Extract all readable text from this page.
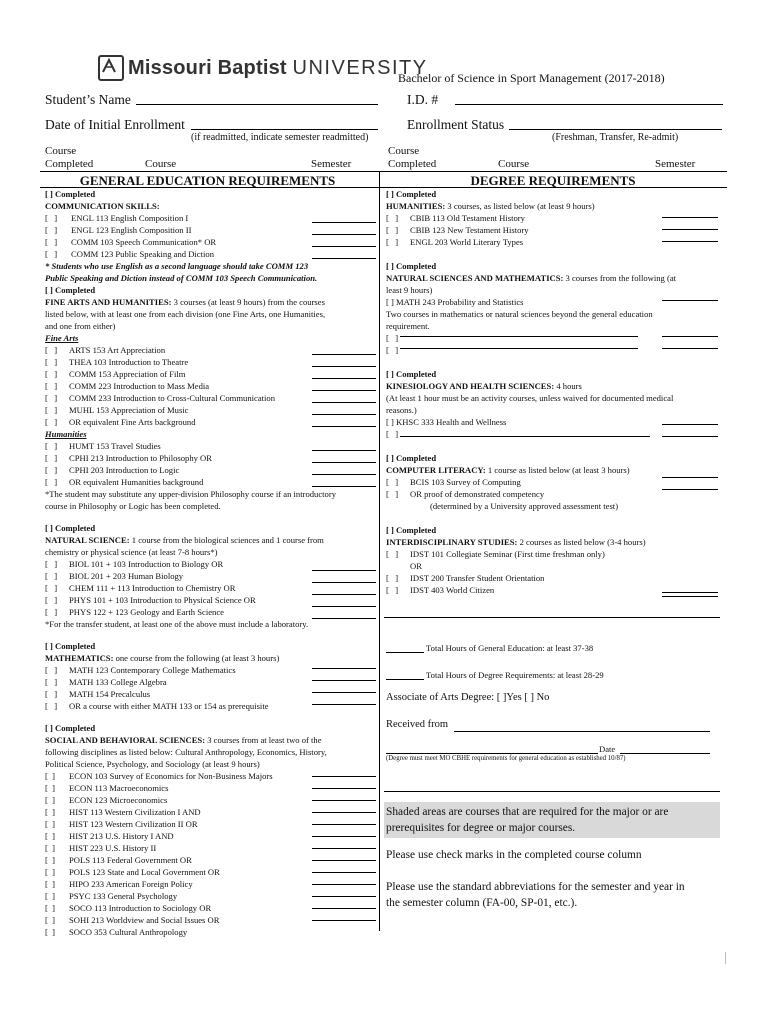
Missouri Baptist UNIVERSITY
Bachelor of Science in Sport Management (2017-2018)
Student’s Name	I.D. #
Date of Initial Enrollment	Enrollment Status
(if readmitted, indicate semester readmitted)	(Freshman, Transfer, Re-admit)
Course
Completed	Course	Semester
Course
Completed	Course	Semester
GENERAL EDUCATION REQUIREMENTS	DEGREE REQUIREMENTS
[ ] Completed
COMMUNICATION SKILLS:
[   ] ENGL 113 English Composition I
[   ] ENGL 123 English Composition II
[   ] COMM 103 Speech Communication* OR
[   ] COMM 123 Public Speaking and Diction
* Students who use English as a second language should take COMM 123
Public Speaking and Diction instead of COMM 103 Speech Communication.
[ ] Completed
FINE ARTS AND HUMANITIES: 3 courses (at least 9 hours) from the courses
listed below, with at least one from each division (one Fine Arts, one Humanities,
and one from either)
Fine Arts
[   ] ARTS 153 Art Appreciation
[   ] THEA 103 Introduction to Theatre
[   ] COMM 153 Appreciation of Film
[   ] COMM 223 Introduction to Mass Media
[   ] COMM 233 Introduction to Cross-Cultural Communication
[   ] MUHL 153 Appreciation of Music
[   ] OR equivalent Fine Arts background
Humanities
[   ] HUMT 153 Travel Studies
[   ] CPHI 213 Introduction to Philosophy OR
[   ] CPHI 203 Introduction to Logic
[   ] OR equivalent Humanities background
*The student may substitute any upper-division Philosophy course if an introductory
course in Philosophy or Logic has been completed.
[ ] Completed
NATURAL SCIENCE: 1 course from the biological sciences and 1 course from
chemistry or physical science (at least 7-8 hours*)
[   ] BIOL 101 + 103 Introduction to Biology OR
[   ] BIOL 201 + 203 Human Biology
[   ] CHEM 111 + 113 Introduction to Chemistry OR
[   ] PHYS 101 + 103 Introduction to Physical Science OR
[   ] PHYS 122 + 123 Geology and Earth Science
*For the transfer student, at least one of the above must include a laboratory.
[ ] Completed
MATHEMATICS: one course from the following (at least 3 hours)
[   ] MATH 123 Contemporary College Mathematics
[   ] MATH 133 College Algebra
[   ] MATH 154 Precalculus
[   ] OR a course with either MATH 133 or 154 as prerequisite
[ ] Completed
SOCIAL AND BEHAVIORAL SCIENCES: 3 courses from at least two of the
following disciplines as listed below: Cultural Anthropology, Economics, History,
Political Science, Psychology, and Sociology (at least 9 hours)
[  ] ECON 103 Survey of Economics for Non-Business Majors
[  ] ECON 113 Macroeconomics
[  ] ECON 123 Microeconomics
[  ] HIST 113 Western Civilization I AND
[  ] HIST 123 Western Civilization II OR
[  ] HIST 213 U.S. History I AND
[  ] HIST 223 U.S. History II
[  ] POLS 113 Federal Government OR
[  ] POLS 123 State and Local Government OR
[  ] HIPO 233 American Foreign Policy
[  ] PSYC 133 General Psychology
[  ] SOCO 113 Introduction to Sociology OR
[  ] SOHI 213 Worldview and Social Issues OR
[  ] SOCO 353 Cultural Anthropology
[ ] Completed
HUMANITIES: 3 courses, as listed below (at least 9 hours)
[   ] CBIB 113 Old Testament History
[   ] CBIB 123 New Testament History
[   ] ENGL 203 World Literary Types
[ ] Completed
NATURAL SCIENCES AND MATHEMATICS: 3 courses from the following (at
least 9 hours)
[ ] MATH 243 Probability and Statistics
Two courses in mathematics or natural sciences beyond the general education
requirement.
[   ]
[   ]
[ ] Completed
KINESIOLOGY AND HEALTH SCIENCES: 4 hours
(At least 1 hour must be an activity courses, unless waived for documented medical
reasons.)
[ ] KHSC 333 Health and Wellness
[   ]
[ ] Completed
COMPUTER LITERACY: 1 course as listed below (at least 3 hours)
[   ] BCIS 103 Survey of Computing
[   ] OR proof of demonstrated competency
(determined by a University approved assessment test)
[ ] Completed
INTERDISCIPLINARY STUDIES: 2 courses as listed below (3-4 hours)
[   ] IDST 101 Collegiate Seminar (First time freshman only)
OR
[   ] IDST 200 Transfer Student Orientation
[   ] IDST 403 World Citizen
Total Hours of General Education: at least 37-38
Total Hours of Degree Requirements: at least 28-29
Associate of Arts Degree: [ ]Yes [ ] No
Received from
Date
(Degree must meet MO CBHE requirements for general education as established 10/87)
Shaded areas are courses that are required for the major or are
prerequisites for degree or major courses.
Please use check marks in the completed course column
Please use the standard abbreviations for the semester and year in
the semester column (FA-00, SP-01, etc.).
